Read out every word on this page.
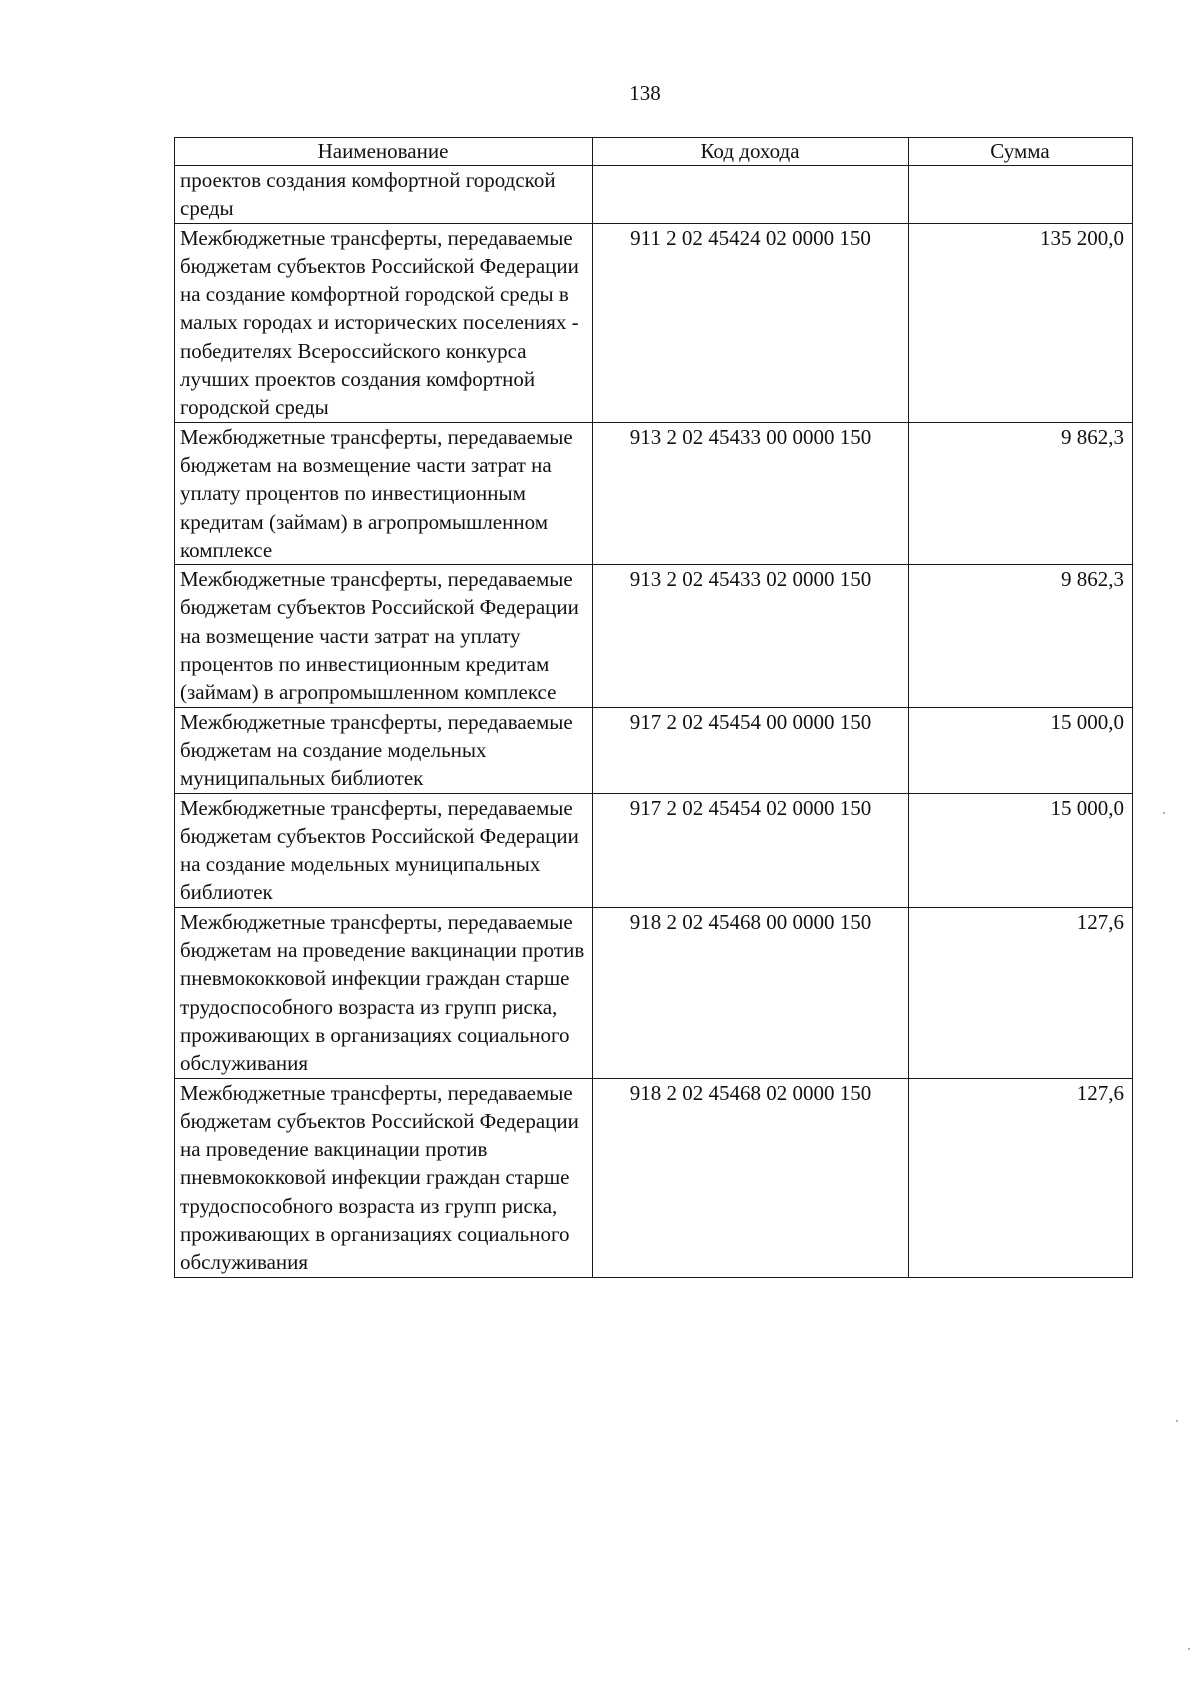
138
Наименование	Код дохода	Сумма
проектов создания комфортной городской среды		
Межбюджетные трансферты, передаваемые бюджетам субъектов Российской Федерации на создание комфортной городской среды в малых городах и исторических поселениях - победителях Всероссийского конкурса лучших проектов создания комфортной городской среды	911 2 02 45424 02 0000 150	135 200,0
Межбюджетные трансферты, передаваемые бюджетам на возмещение части затрат на уплату процентов по инвестиционным кредитам (займам) в агропромышленном комплексе	913 2 02 45433 00 0000 150	9 862,3
Межбюджетные трансферты, передаваемые бюджетам субъектов Российской Федерации на возмещение части затрат на уплату процентов по инвестиционным кредитам (займам) в агропромышленном комплексе	913 2 02 45433 02 0000 150	9 862,3
Межбюджетные трансферты, передаваемые бюджетам на создание модельных муниципальных библиотек	917 2 02 45454 00 0000 150	15 000,0
Межбюджетные трансферты, передаваемые бюджетам субъектов Российской Федерации на создание модельных муниципальных библиотек	917 2 02 45454 02 0000 150	15 000,0
Межбюджетные трансферты, передаваемые бюджетам на проведение вакцинации против пневмококковой инфекции граждан старше трудоспособного возраста из групп риска, проживающих в организациях социального обслуживания	918 2 02 45468 00 0000 150	127,6
Межбюджетные трансферты, передаваемые бюджетам субъектов Российской Федерации на проведение вакцинации против пневмококковой инфекции граждан старше трудоспособного возраста из групп риска, проживающих в организациях социального обслуживания	918 2 02 45468 02 0000 150	127,6
